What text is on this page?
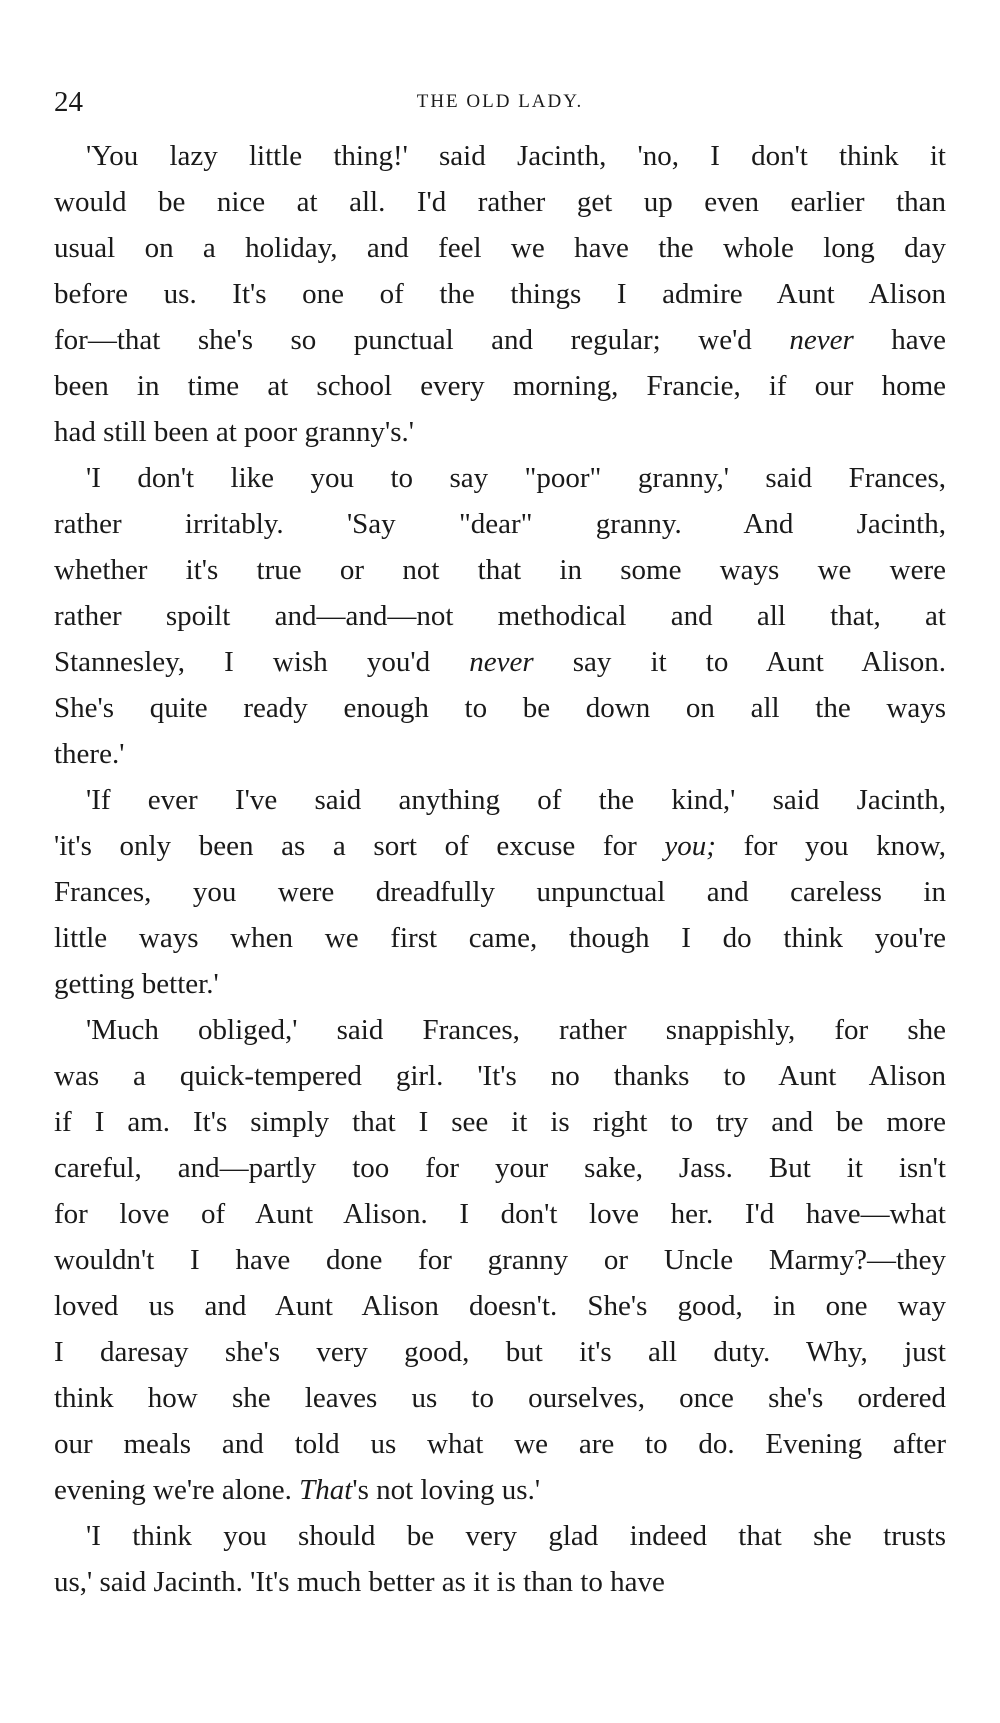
24	THE OLD LADY.
'You lazy little thing!' said Jacinth, 'no, I don't think it
would be nice at all. I'd rather get up even earlier than
usual on a holiday, and feel we have the whole long day
before us. It's one of the things I admire Aunt Alison
for—that she's so punctual and regular; we'd never have
been in time at school every morning, Francie, if our home
had still been at poor granny's.'
'I don't like you to say "poor" granny,' said Frances,
rather irritably. 'Say "dear" granny. And Jacinth,
whether it's true or not that in some ways we were
rather spoilt and—and—not methodical and all that, at
Stannesley, I wish you'd never say it to Aunt Alison.
She's quite ready enough to be down on all the ways
there.'
'If ever I've said anything of the kind,' said Jacinth,
'it's only been as a sort of excuse for you; for you know,
Frances, you were dreadfully unpunctual and careless in
little ways when we first came, though I do think you're
getting better.'
'Much obliged,' said Frances, rather snappishly, for she
was a quick-tempered girl. 'It's no thanks to Aunt Alison
if I am. It's simply that I see it is right to try and be more
careful, and—partly too for your sake, Jass. But it isn't
for love of Aunt Alison. I don't love her. I'd have—what
wouldn't I have done for granny or Uncle Marmy?—they
loved us and Aunt Alison doesn't. She's good, in one way
I daresay she's very good, but it's all duty. Why, just
think how she leaves us to ourselves, once she's ordered
our meals and told us what we are to do. Evening after
evening we're alone. That's not loving us.'
'I think you should be very glad indeed that she trusts
us,' said Jacinth. 'It's much better as it is than to have
